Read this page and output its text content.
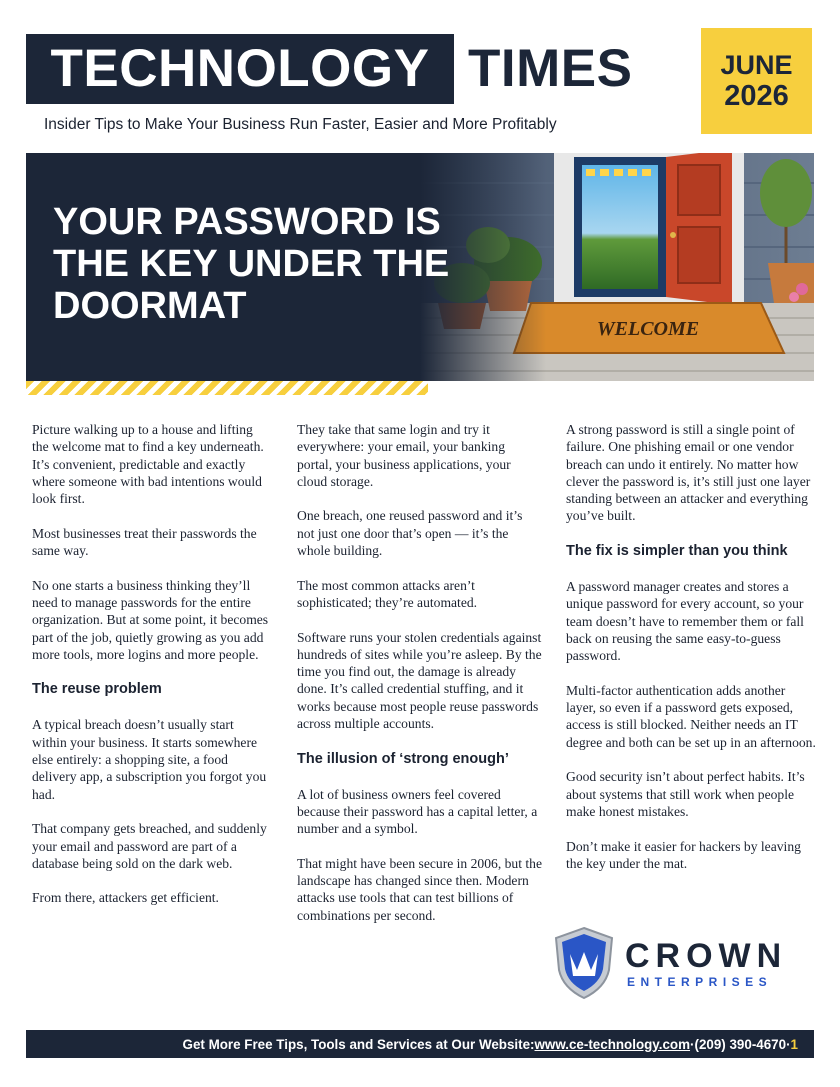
TECHNOLOGY TIMES	JUNE
2026
Insider Tips to Make Your Business Run Faster, Easier and More Profitably
YOUR PASSWORD IS THE KEY UNDER THE DOORMAT

Picture walking up to a house and lifting the welcome mat to find a key underneath. It’s convenient, predictable and exactly where someone with bad intentions would look first.

Most businesses treat their passwords the same way.

No one starts a business thinking they’ll need to manage passwords for the entire organization. But at some point, it becomes part of the job, quietly growing as you add more tools, more logins and more people.

The reuse problem

A typical breach doesn’t usually start within your business. It starts somewhere else entirely: a shopping site, a food delivery app, a subscription you forgot you had.

That company gets breached, and suddenly your email and password are part of a database being sold on the dark web.

From there, attackers get efficient.

They take that same login and try it everywhere: your email, your banking portal, your business applications, your cloud storage.

One breach, one reused password and it’s not just one door that’s open — it’s the whole building.

The most common attacks aren’t sophisticated; they’re automated.

Software runs your stolen credentials against hundreds of sites while you’re asleep. By the time you find out, the damage is already done. It’s called credential stuffing, and it works because most people reuse passwords across multiple accounts.

The illusion of ‘strong enough’

A lot of business owners feel covered because their password has a capital letter, a number and a symbol.

That might have been secure in 2006, but the landscape has changed since then. Modern attacks use tools that can test billions of combinations per second.

A strong password is still a single point of failure. One phishing email or one vendor breach can undo it entirely. No matter how clever the password is, it’s still just one layer standing between an attacker and everything you’ve built.

The fix is simpler than you think

A password manager creates and stores a unique password for every account, so your team doesn’t have to remember them or fall back on reusing the same easy-to-guess password.

Multi-factor authentication adds another layer, so even if a password gets exposed, access is still blocked. Neither needs an IT degree and both can be set up in an afternoon.

Good security isn’t about perfect habits. It’s about systems that still work when people make honest mistakes.

Don’t make it easier for hackers by leaving the key under the mat.

CROWN
ENTERPRISES
Get More Free Tips, Tools and Services at Our Website: www.ce-technology.com · (209) 390-4670 · 1
